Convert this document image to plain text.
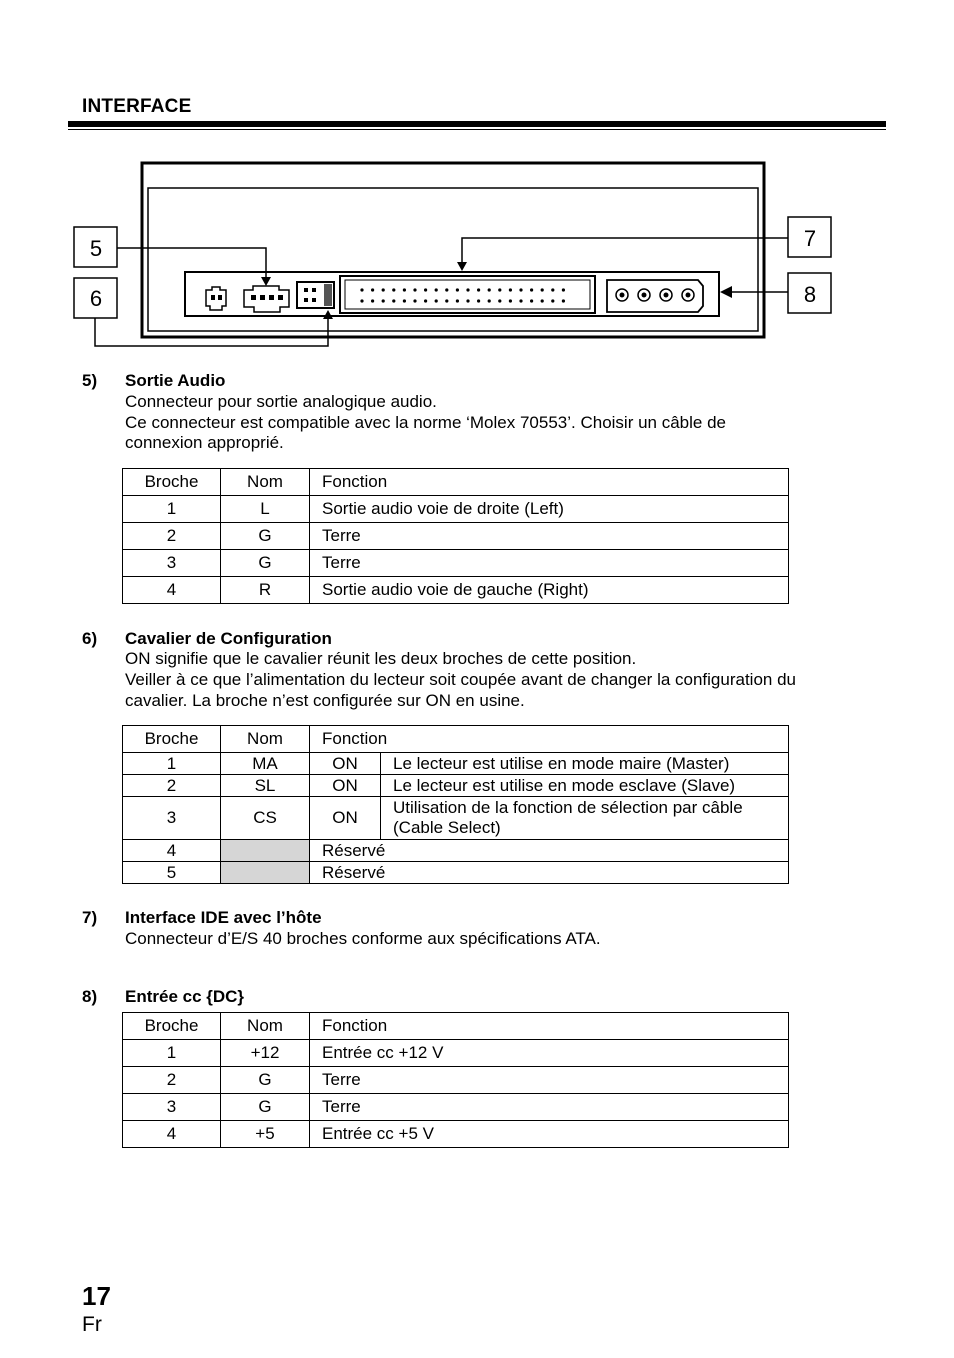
INTERFACE
5
6
7
8
5) Sortie Audio
Connecteur pour sortie analogique audio.
Ce connecteur est compatible avec la norme ‘Molex 70553’. Choisir un câble de
connexion approprié.
Broche	Nom	Fonction
1	L	Sortie audio voie de droite (Left)
2	G	Terre
3	G	Terre
4	R	Sortie audio voie de gauche (Right)
6) Cavalier de Configuration
ON signifie que le cavalier réunit les deux broches de cette position.
Veiller à ce que l’alimentation du lecteur soit coupée avant de changer la configuration du
cavalier. La broche n’est configurée sur ON en usine.
Broche	Nom	Fonction	
1	MA	ON	Le lecteur est utilise en mode maire (Master)
2	SL	ON	Le lecteur est utilise en mode esclave (Slave)
3	CS	ON	Utilisation de la fonction de sélection par câble
(Cable Select)

4		Réservé	
5		Réservé	
7) Interface IDE avec l’hôte
Connecteur d’E/S 40 broches conforme aux spécifications ATA.
8) Entrée cc {DC}
Broche	Nom	Fonction
1	+12	Entrée cc +12 V
2	G	Terre
3	G	Terre
4	+5	Entrée cc +5 V
17
Fr
